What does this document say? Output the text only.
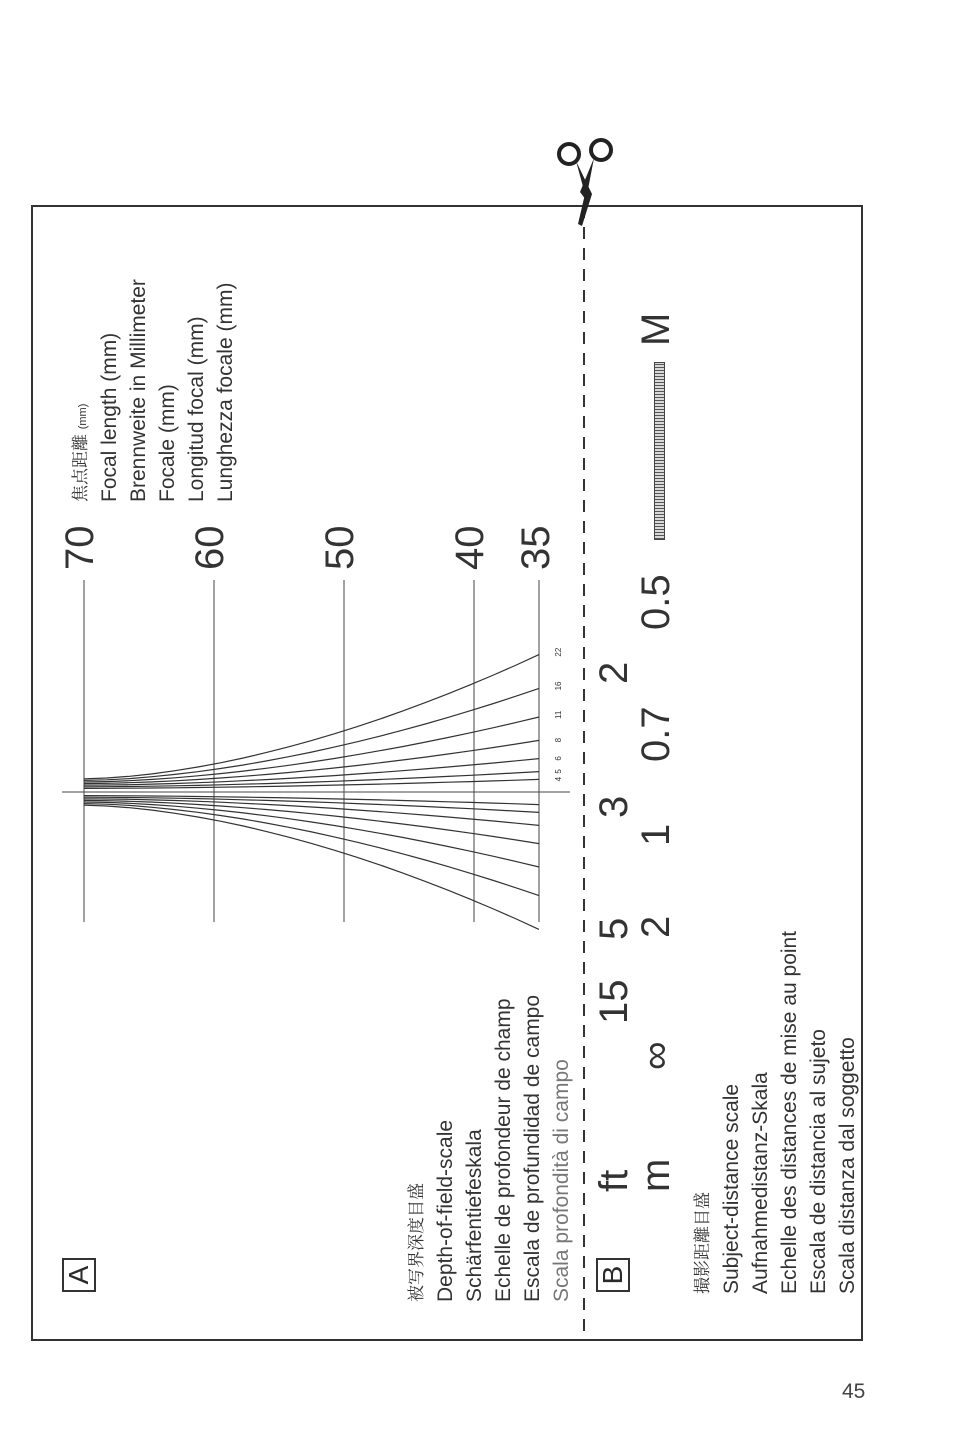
A	被写界深度目盛 Depth-of-field-scale Schärfentiefeskala Echelle de profondeur de champ Escala de profundidad de campo Scala profondità di campo
4
5
6
8
11
16
22
70 60 50 40 35
焦点距離 (mm) Focal length (mm) Brennweite in Millimeter Focale (mm) Longitud focal (mm) Lunghezza focale (mm)
B
ft
m
15
5
3
2
∞
2
1
0.7
0.5
M
撮影距離目盛 Subject-distance scale Aufnahmedistanz-Skala Echelle des distances de mise au point Escala de distancia al sujeto Scala distanza dal soggetto
45
